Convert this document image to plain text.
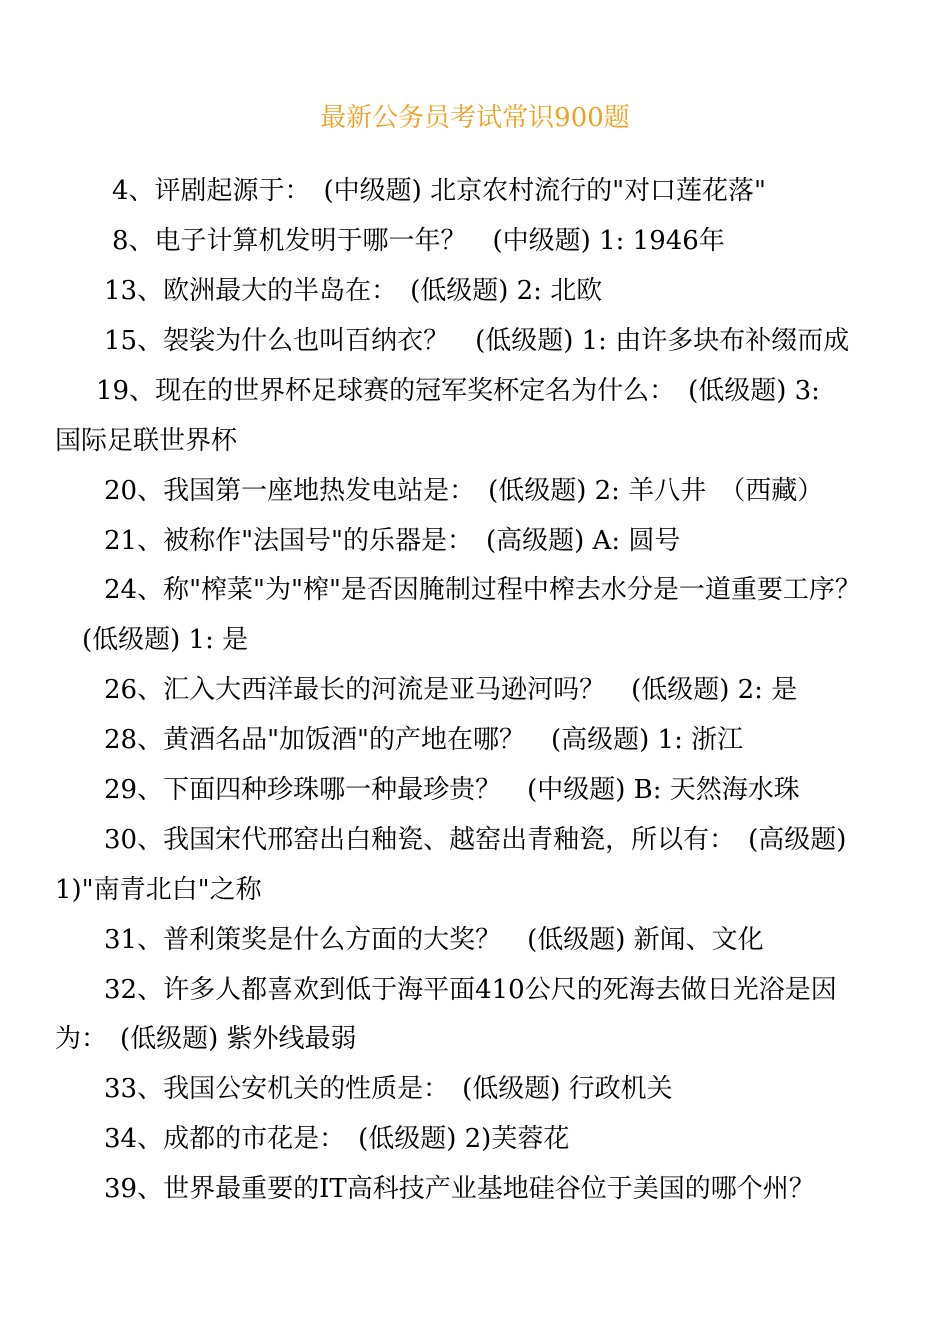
最新公务员考试常识900题
4、评剧起源于：　(中级题) 北京农村流行的"对口莲花落"
8、电子计算机发明于哪一年？　(中级题) 1: 1946年
13、欧洲最大的半岛在：　(低级题) 2: 北欧
15、袈裟为什么也叫百纳衣？　(低级题) 1: 由许多块布补缀而成
19、现在的世界杯足球赛的冠军奖杯定名为什么：　(低级题) 3:
国际足联世界杯
20、我国第一座地热发电站是：　(低级题) 2: 羊八井　（西藏）
21、被称作"法国号"的乐器是：　(高级题) A: 圆号
24、称"榨菜"为"榨"是否因腌制过程中榨去水分是一道重要工序？
(低级题) 1: 是
26、汇入大西洋最长的河流是亚马逊河吗？　(低级题) 2: 是
28、黄酒名品"加饭酒"的产地在哪？　(高级题) 1: 浙江
29、下面四种珍珠哪一种最珍贵？　(中级题) B: 天然海水珠
30、我国宋代邢窑出白釉瓷、越窑出青釉瓷，所以有：　(高级题)
1)"南青北白"之称
31、普利策奖是什么方面的大奖？　(低级题) 新闻、文化
32、许多人都喜欢到低于海平面410公尺的死海去做日光浴是因
为：　(低级题) 紫外线最弱
33、我国公安机关的性质是：　(低级题) 行政机关
34、成都的市花是：　(低级题) 2)芙蓉花
39、世界最重要的IT高科技产业基地硅谷位于美国的哪个州？
